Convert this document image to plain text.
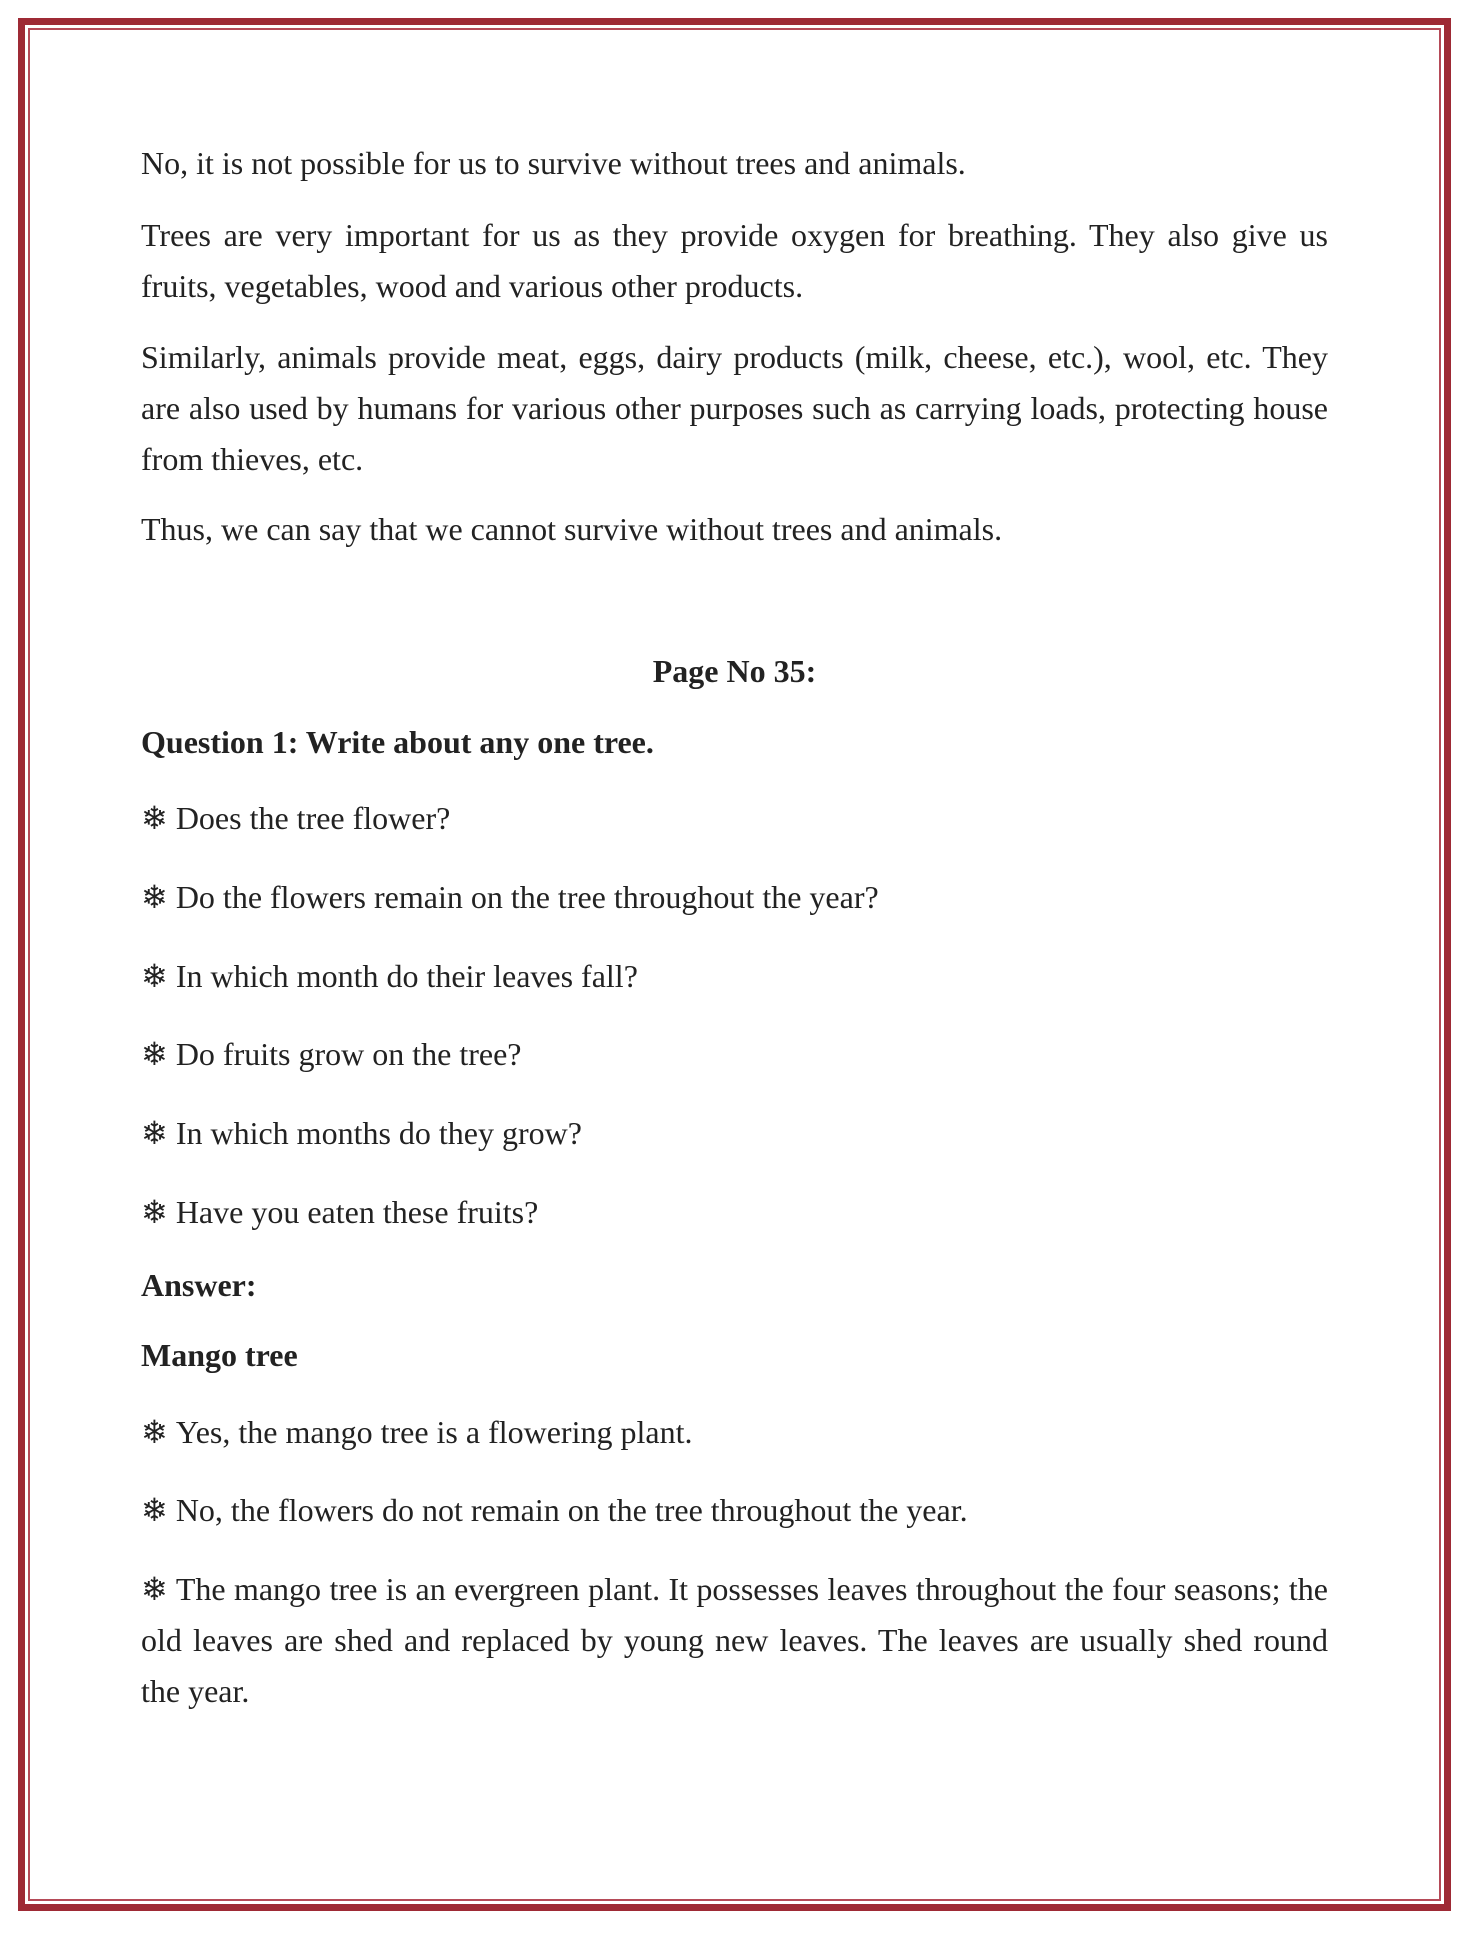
No, it is not possible for us to survive without trees and animals.

Trees are very important for us as they provide oxygen for breathing. They also give us fruits, vegetables, wood and various other products.

Similarly, animals provide meat, eggs, dairy products (milk, cheese, etc.), wool, etc. They are also used by humans for various other purposes such as carrying loads, protecting house from thieves, etc.

Thus, we can say that we cannot survive without trees and animals.

Page No 35:

Question 1: Write about any one tree.

❄ Does the tree flower?

❄ Do the flowers remain on the tree throughout the year?

❄ In which month do their leaves fall?

❄ Do fruits grow on the tree?

❄ In which months do they grow?

❄ Have you eaten these fruits?

Answer:

Mango tree

❄ Yes, the mango tree is a flowering plant.

❄ No, the flowers do not remain on the tree throughout the year.

❄ The mango tree is an evergreen plant. It possesses leaves throughout the four seasons; the old leaves are shed and replaced by young new leaves. The leaves are usually shed round the year.
